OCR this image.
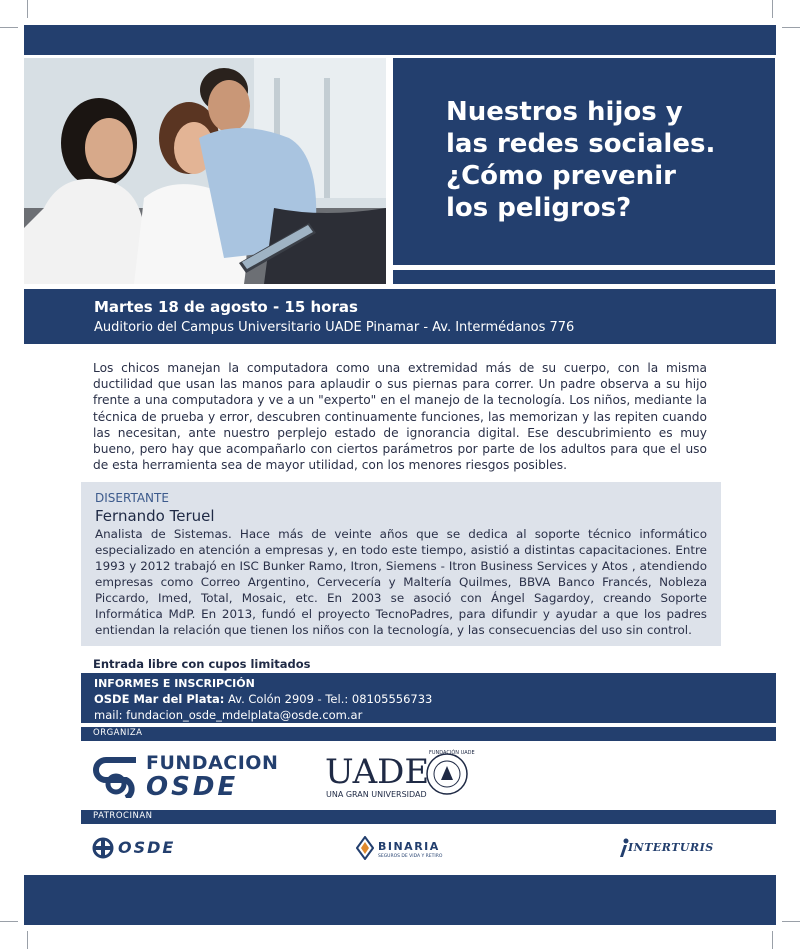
Nuestros hijos y
las redes sociales.
¿Cómo prevenir
los peligros?
Martes 18 de agosto - 15 horas
Auditorio del Campus Universitario UADE Pinamar - Av. Intermédanos 776
Los chicos manejan la computadora como una extremidad más de su cuerpo, con la misma ductilidad que usan las manos para aplaudir o sus piernas para correr. Un padre observa a su hijo frente a una computadora y ve a un "experto" en el manejo de la tecnología. Los niños, mediante la técnica de prueba y error, descubren continuamente funciones, las memorizan y las repiten cuando las necesitan, ante nuestro perplejo estado de ignorancia digital. Ese descubrimiento es muy bueno, pero hay que acompañarlo con ciertos parámetros por parte de los adultos para que el uso de esta herramienta sea de mayor utilidad, con los menores riesgos posibles.
DISERTANTE
Fernando Teruel
Analista de Sistemas. Hace más de veinte años que se dedica al soporte técnico informático especializado en atención a empresas y, en todo este tiempo, asistió a distintas capacitaciones. Entre 1993 y 2012 trabajó en ISC Bunker Ramo, Itron, Siemens - Itron Business Services y Atos , atendiendo empresas como Correo Argentino, Cervecería y Maltería Quilmes, BBVA Banco Francés, Nobleza Piccardo, Imed, Total, Mosaic, etc. En 2003 se asoció con Ángel Sagardoy, creando Soporte Informática MdP. En 2013, fundó el proyecto TecnoPadres, para difundir y ayudar a que los padres entiendan la relación que tienen los niños con la tecnología, y las consecuencias del uso sin control.
Entrada libre con cupos limitados
INFORMES E INSCRIPCIÓN
OSDE Mar del Plata: Av. Colón 2909 - Tel.: 08105556733
mail: fundacion_osde_mdelplata@osde.com.ar
ORGANIZA
FUNDACION
OSDE	UADE
UNA GRAN UNIVERSIDAD
FUNDACIÓN UADE
PATROCINAN
OSDE	BINARIA
SEGUROS DE VIDA Y RETIRO
INTERTURIS
